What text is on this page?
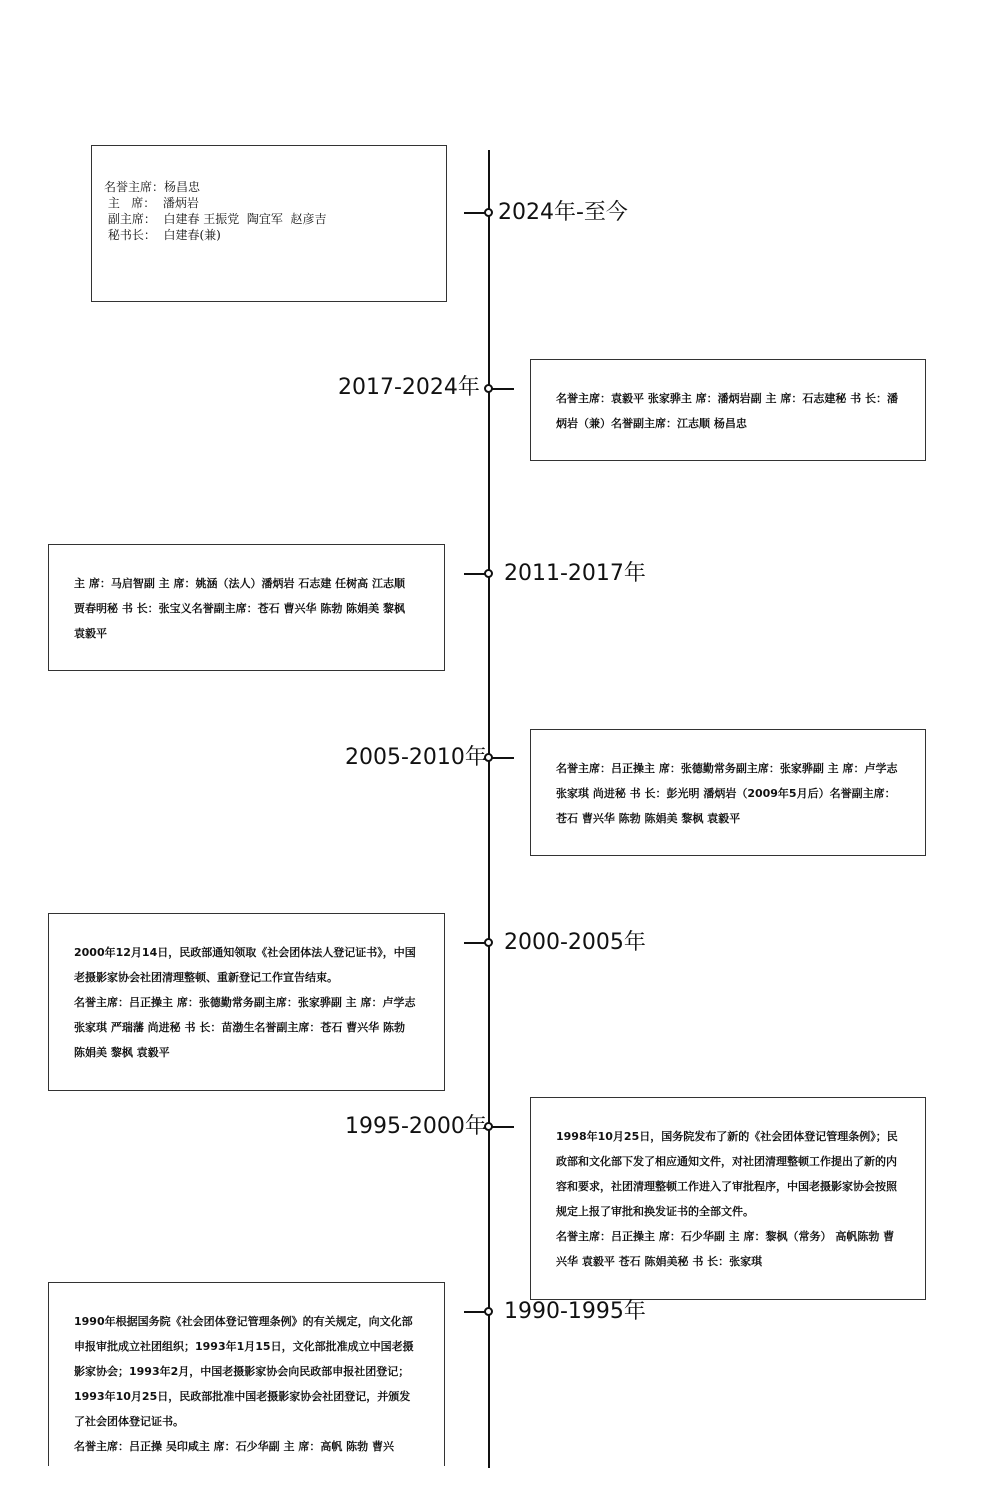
2024年-至今

名誉主席：杨昌忠

主   席：  潘炳岩

副主席：  白建春 王振党  陶宜军  赵彦吉

秘书长：  白建春(兼)

2017-2024年	名誉主席：袁毅平 张家骅主 席：潘炳岩副 主 席：石志建秘 书 长：潘炳岩（兼）名誉副主席：江志顺 杨昌忠

2011-2017年

主 席：马启智副 主 席：姚涵（法人）潘炳岩 石志建 任树高 江志顺 贾春明秘 书 长：张宝义名誉副主席：苍石 曹兴华 陈勃 陈娟美 黎枫 袁毅平

2005-2010年	名誉主席：吕正操主 席：张德勤常务副主席：张家骅副 主 席：卢学志 张家琪 尚进秘 书 长：彭光明 潘炳岩（2009年5月后）名誉副主席：苍石 曹兴华 陈勃 陈娟美 黎枫 袁毅平

2000-2005年

2000年12月14日，民政部通知领取《社会团体法人登记证书》，中国老摄影家协会社团清理整顿、重新登记工作宣告结束。

名誉主席：吕正操主 席：张德勤常务副主席：张家骅副 主 席：卢学志 张家琪 严瑞藩 尚进秘 书 长：苗渤生名誉副主席：苍石 曹兴华 陈勃 陈娟美 黎枫 袁毅平

1995-2000年	1998年10月25日，国务院发布了新的《社会团体登记管理条例》；民政部和文化部下发了相应通知文件，对社团清理整顿工作提出了新的内容和要求，社团清理整顿工作进入了审批程序，中国老摄影家协会按照规定上报了审批和换发证书的全部文件。

名誉主席：吕正操主 席：石少华副 主 席：黎枫（常务） 高帆陈勃 曹兴华 袁毅平 苍石 陈娟美秘 书 长：张家琪

1990-1995年

1990年根据国务院《社会团体登记管理条例》的有关规定，向文化部申报审批成立社团组织；1993年1月15日，文化部批准成立中国老摄影家协会；1993年2月，中国老摄影家协会向民政部申报社团登记；1993年10月25日，民政部批准中国老摄影家协会社团登记，并颁发了社会团体登记证书。

名誉主席：吕正操 吴印咸主 席：石少华副 主 席：高帆 陈勃 曹兴
